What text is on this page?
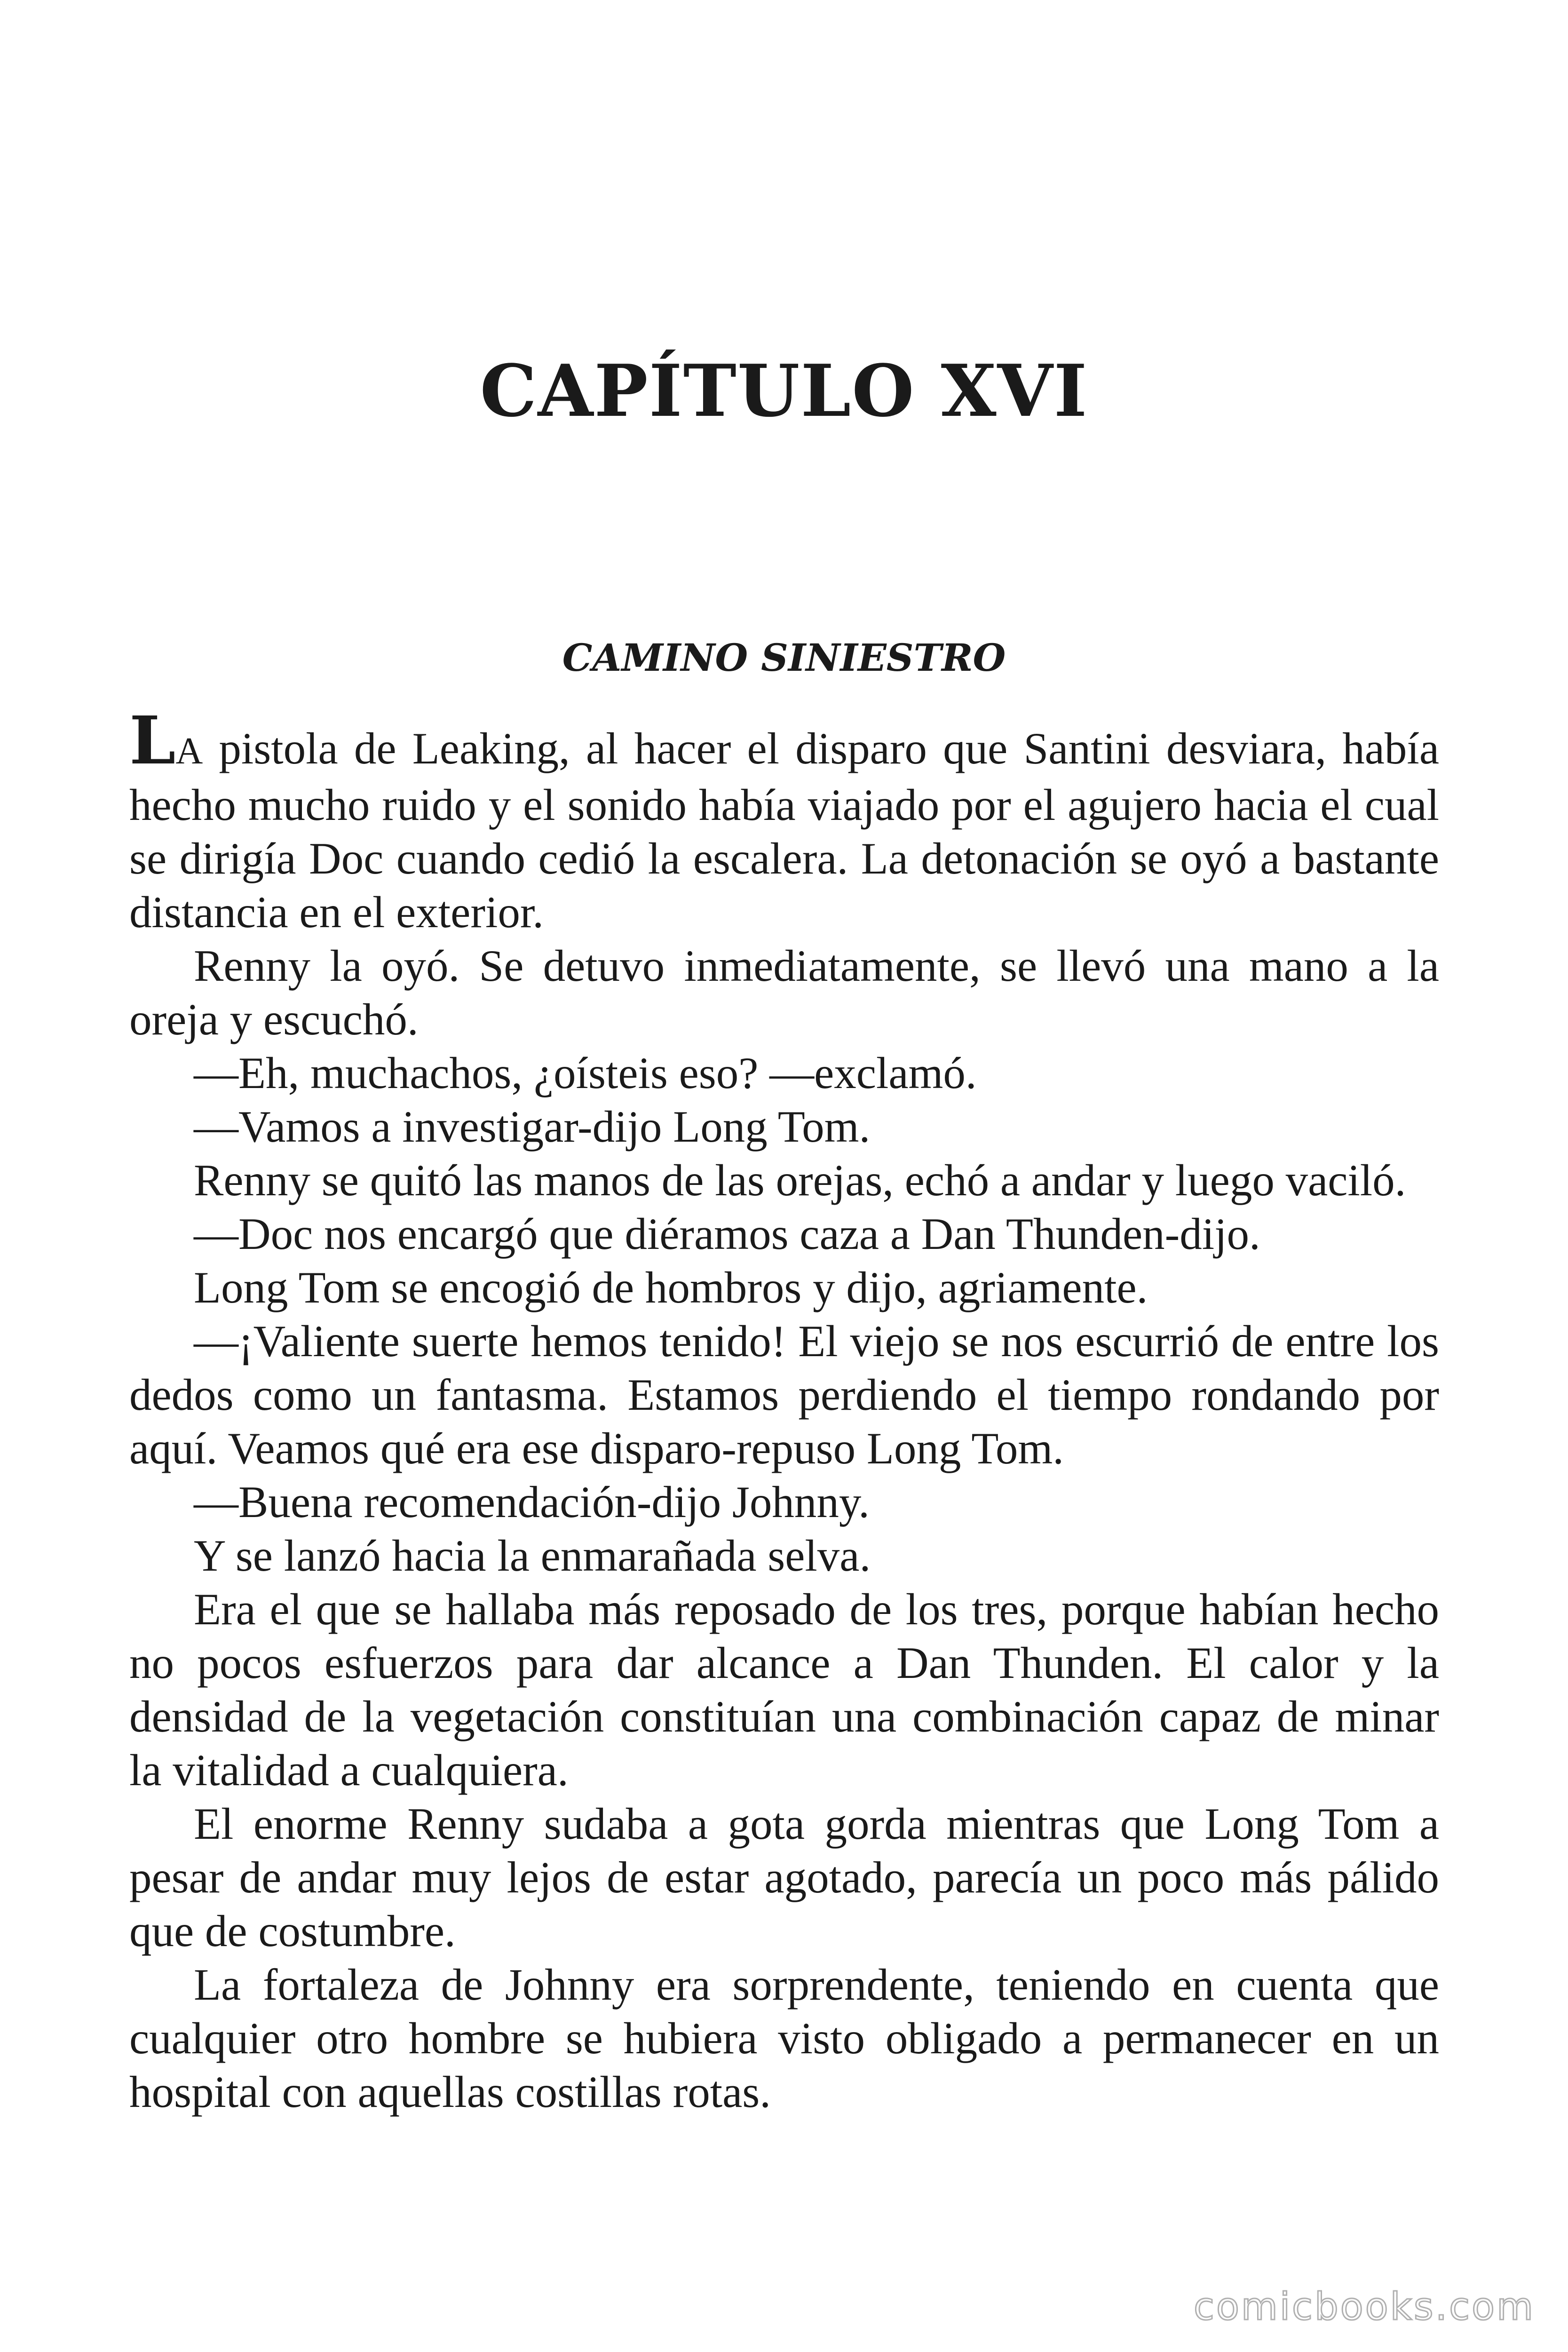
CAPÍTULO XVI
CAMINO SINIESTRO

LA pistola de Leaking, al hacer el disparo que Santini desviara, había hecho mucho ruido y el sonido había viajado por el agujero hacia el cual se dirigía Doc cuando cedió la escalera. La detonación se oyó a bastante distancia en el exterior.

Renny la oyó. Se detuvo inmediatamente, se llevó una mano a la oreja y escuchó.

—Eh, muchachos, ¿oísteis eso? —exclamó.

—Vamos a investigar-dijo Long Tom.

Renny se quitó las manos de las orejas, echó a andar y luego vaciló.

—Doc nos encargó que diéramos caza a Dan Thunden-dijo.

Long Tom se encogió de hombros y dijo, agriamente.

—¡Valiente suerte hemos tenido! El viejo se nos escurrió de entre los dedos como un fantasma. Estamos perdiendo el tiempo rondando por aquí. Veamos qué era ese disparo-repuso Long Tom.

—Buena recomendación-dijo Johnny.

Y se lanzó hacia la enmarañada selva.

Era el que se hallaba más reposado de los tres, porque habían hecho no pocos esfuerzos para dar alcance a Dan Thunden. El calor y la densidad de la vegetación constituían una combinación capaz de minar la vitalidad a cualquiera.

El enorme Renny sudaba a gota gorda mientras que Long Tom a pesar de andar muy lejos de estar agotado, parecía un poco más pálido que de costumbre.

La fortaleza de Johnny era sorprendente, teniendo en cuenta que cualquier otro hombre se hubiera visto obligado a permanecer en un hospital con aquellas costillas rotas.

comicbooks.com
